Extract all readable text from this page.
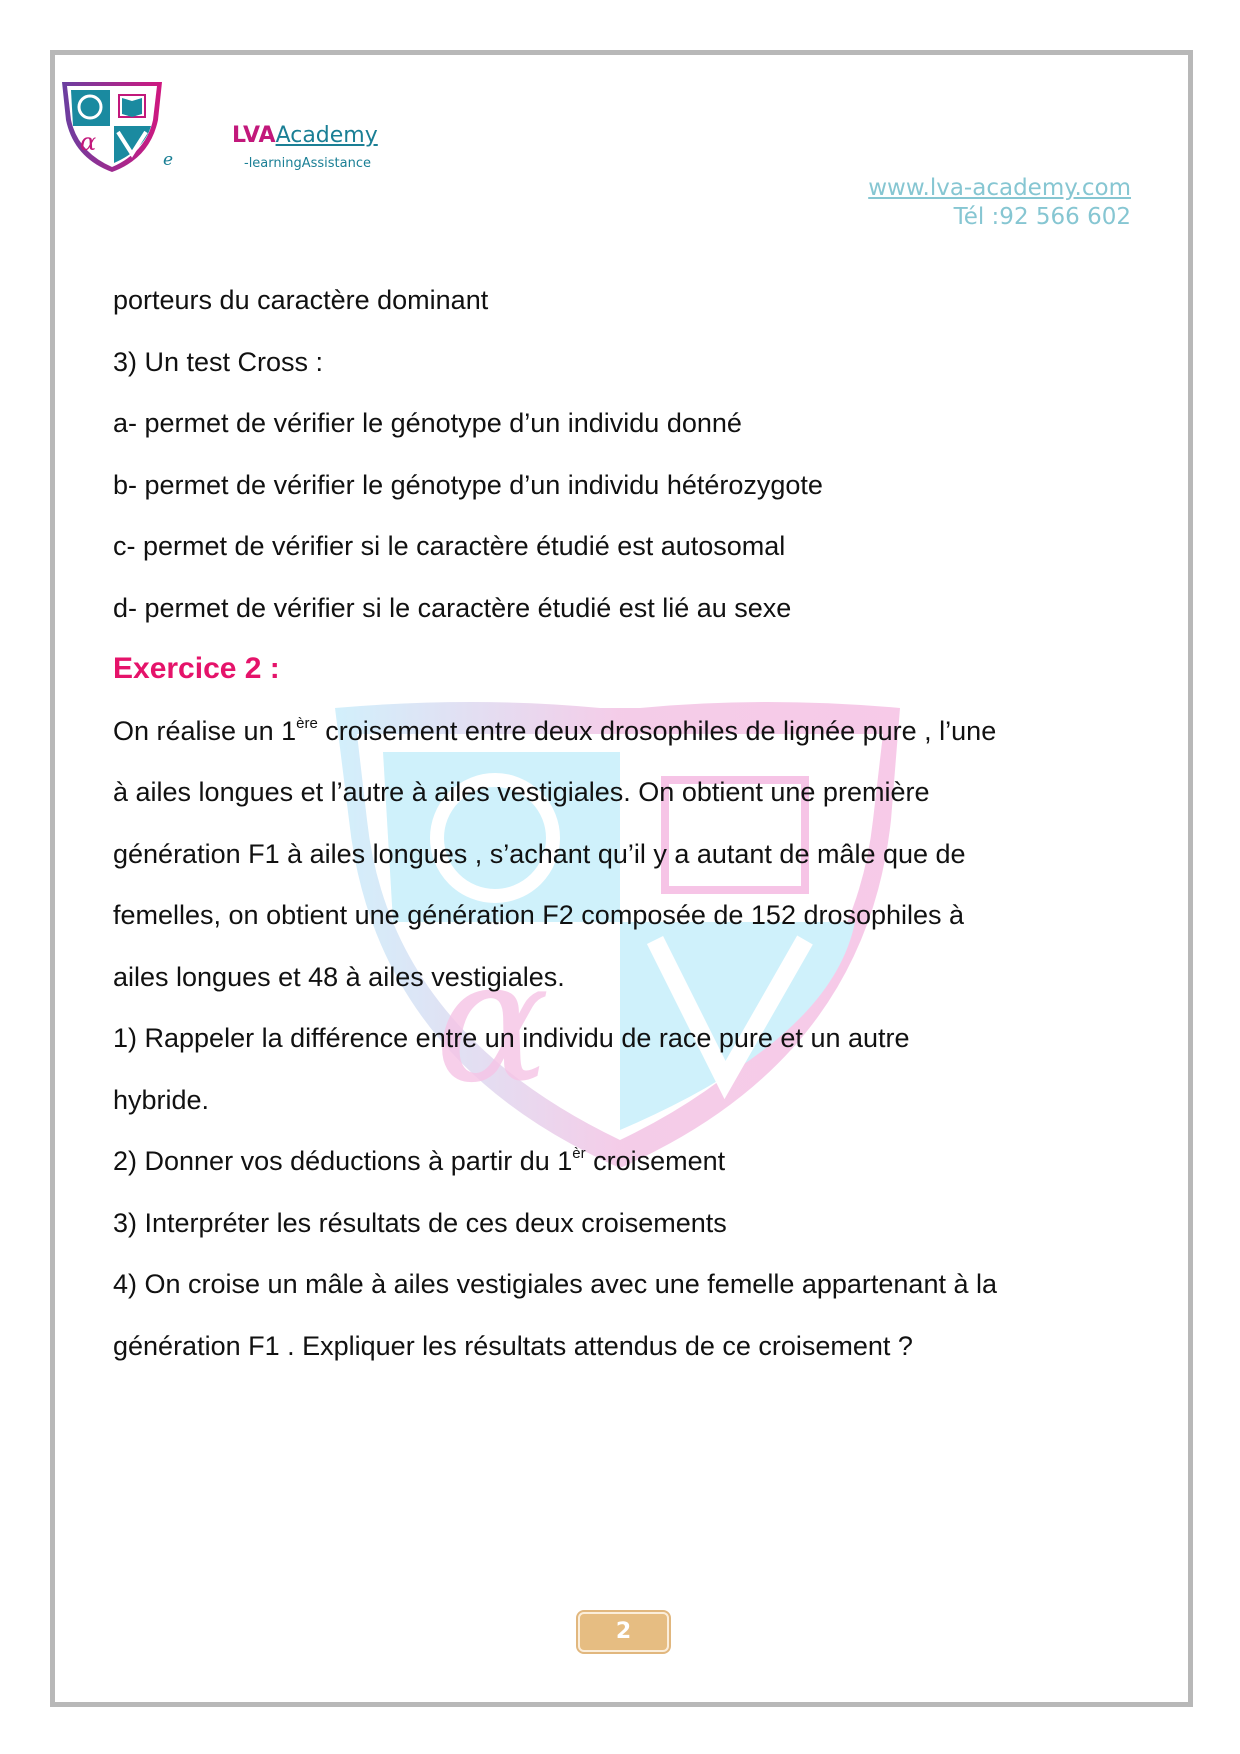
α
e
LVAAcademy
-learningAssistance
www.lva-academy.com
Tél :92 566 602
α
porteurs du caractère dominant
3) Un test Cross :
a- permet de vérifier le génotype d’un individu donné
b- permet de vérifier le génotype d’un individu hétérozygote
c- permet de vérifier si le caractère étudié est autosomal
d- permet de vérifier si le caractère étudié est lié au sexe
Exercice 2 :
On réalise un 1ère croisement entre deux drosophiles de lignée pure , l’une
à ailes longues et l’autre à ailes vestigiales. On obtient une première
génération F1 à ailes longues , s’achant qu’il y a autant de mâle que de
femelles, on obtient une génération F2 composée de 152 drosophiles à
ailes longues et 48 à ailes vestigiales.
1) Rappeler la différence entre un individu de race pure et un autre
hybride.
2) Donner vos déductions à partir du $1^{èr}$ croisement
3) Interpréter les résultats de ces deux croisements
4) On croise un mâle à ailes vestigiales avec une femelle appartenant à la
génération F1 . Expliquer les résultats attendus de ce croisement ?
2
